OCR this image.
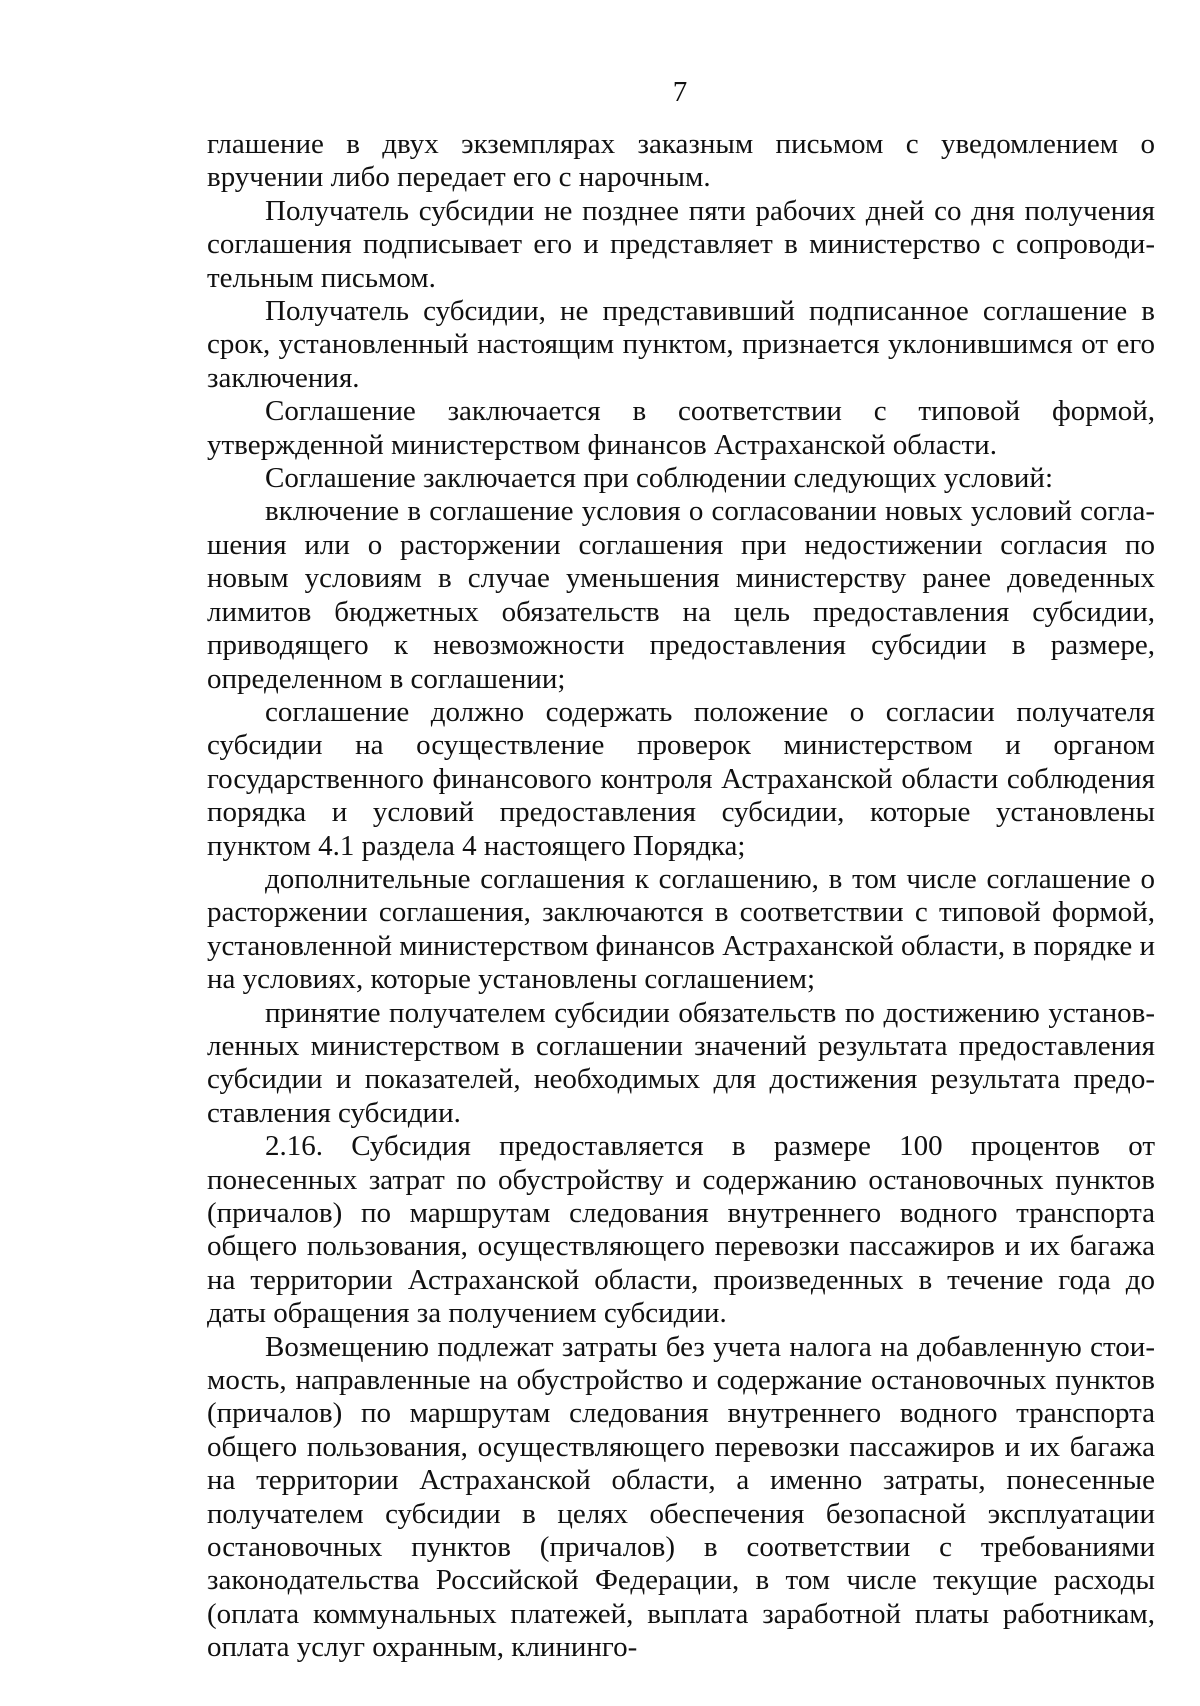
7

глашение в двух экземплярах заказным письмом с уведомлением о вручении либо передает его с нарочным.

Получатель субсидии не позднее пяти рабочих дней со дня получения соглашения подписывает его и представляет в министерство с сопроводительным письмом.

Получатель субсидии, не представивший подписанное соглашение в срок, установленный настоящим пунктом, признается уклонившимся от его заключения.

Соглашение заключается в соответствии с типовой формой, утвержденной министерством финансов Астраханской области.

Соглашение заключается при соблюдении следующих условий:

включение в соглашение условия о согласовании новых условий соглашения или о расторжении соглашения при недостижении согласия по новым условиям в случае уменьшения министерству ранее доведенных лимитов бюджетных обязательств на цель предоставления субсидии, приводящего к невозможности предоставления субсидии в размере, определенном в соглашении;

соглашение должно содержать положение о согласии получателя субсидии на осуществление проверок министерством и органом государственного финансового контроля Астраханской области соблюдения порядка и условий предоставления субсидии, которые установлены пунктом 4.1 раздела 4 настоящего Порядка;

дополнительные соглашения к соглашению, в том числе соглашение о расторжении соглашения, заключаются в соответствии с типовой формой, установленной министерством финансов Астраханской области, в порядке и на условиях, которые установлены соглашением;

принятие получателем субсидии обязательств по достижению установленных министерством в соглашении значений результата предоставления субсидии и показателей, необходимых для достижения результата предоставления субсидии.

2.16. Субсидия предоставляется в размере 100 процентов от понесенных затрат по обустройству и содержанию остановочных пунктов (причалов) по маршрутам следования внутреннего водного транспорта общего пользования, осуществляющего перевозки пассажиров и их багажа на территории Астраханской области, произведенных в течение года до даты обращения за получением субсидии.

Возмещению подлежат затраты без учета налога на добавленную стоимость, направленные на обустройство и содержание остановочных пунктов (причалов) по маршрутам следования внутреннего водного транспорта общего пользования, осуществляющего перевозки пассажиров и их багажа на территории Астраханской области, а именно затраты, понесенные получателем субсидии в целях обеспечения безопасной эксплуатации остановочных пунктов (причалов) в соответствии с требованиями законодательства Российской Федерации, в том числе текущие расходы (оплата коммунальных платежей, выплата заработной платы работникам, оплата услуг охранным, клининго-
